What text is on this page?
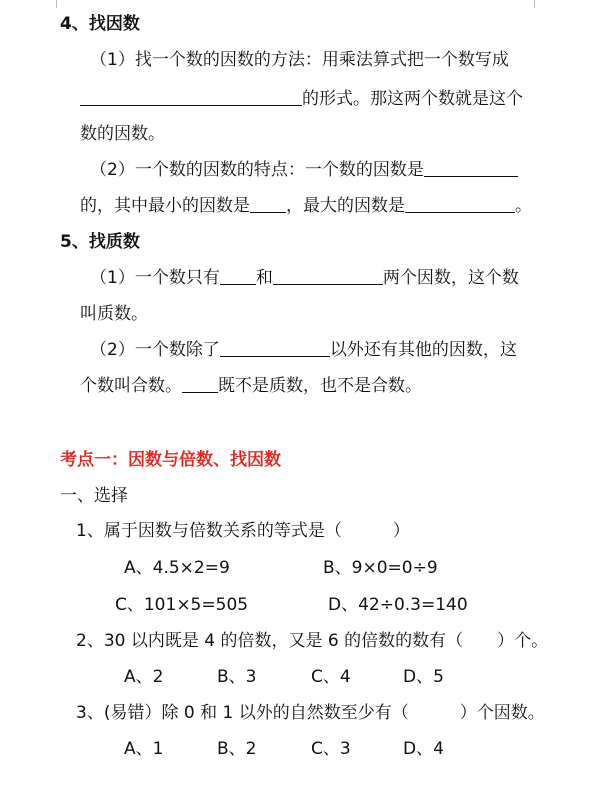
4、找因数
（1）找一个数的因数的方法：用乘法算式把一个数写成
的形式。那这两个数就是这个
数的因数。
（2）一个数的因数的特点：一个数的因数是
的，其中最小的因数是 ，最大的因数是	。
5、找质数
（1）一个数只有 和	两个因数，这个数
叫质数。
（2）一个数除了	以外还有其他的因数，这
个数叫合数。 既不是质数，也不是合数。
考点一：因数与倍数、找因数
一、选择
1、属于因数与倍数关系的等式是（　　　）
A、4.5×2=9	B、9×0=0÷9
C、101×5=505	D、42÷0.3=140
2、30 以内既是 4 的倍数，又是 6 的倍数的数有（　　）个。
A、2	B、3	C、4	D、5
3、(易错）除 0 和 1 以外的自然数至少有（　　　）个因数。
A、1	B、2	C、3	D、4
